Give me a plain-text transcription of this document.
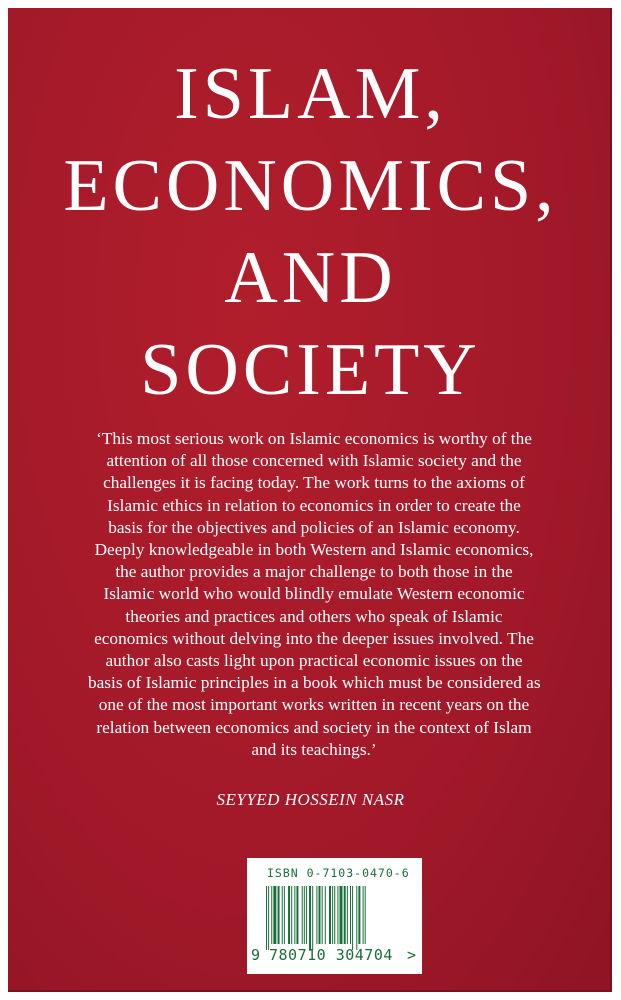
ISLAM,
ECONOMICS,
AND
SOCIETY
‘This most serious work on Islamic economics is worthy of the
attention of all those concerned with Islamic society and the
challenges it is facing today. The work turns to the axioms of
Islamic ethics in relation to economics in order to create the
basis for the objectives and policies of an Islamic economy.
Deeply knowledgeable in both Western and Islamic economics,
the author provides a major challenge to both those in the
Islamic world who would blindly emulate Western economic
theories and practices and others who speak of Islamic
economics without delving into the deeper issues involved. The
author also casts light upon practical economic issues on the
basis of Islamic principles in a book which must be considered as
one of the most important works written in recent years on the
relation between economics and society in the context of Islam
and its teachings.’
SEYYED HOSSEIN NASR
ISBN 0-7103-0470-6
9 780710 304704 >
